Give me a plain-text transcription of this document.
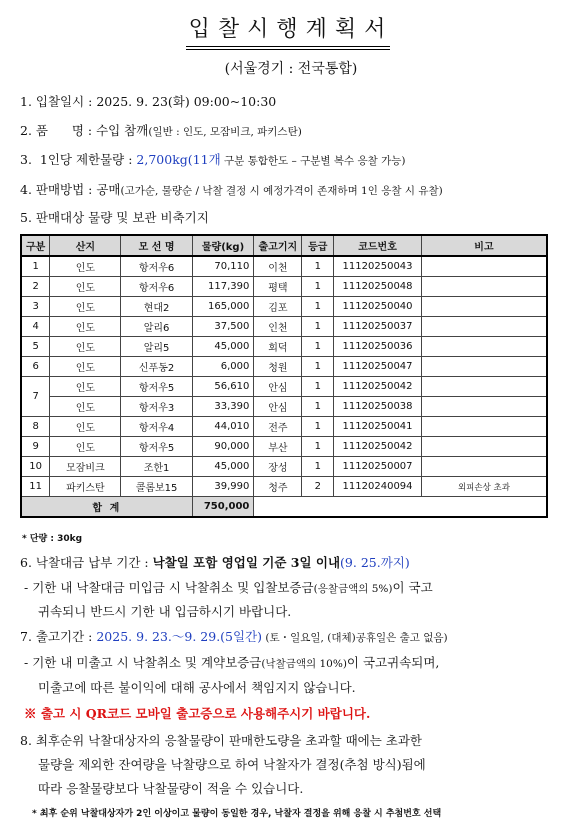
입찰시행계획서
(서울경기 : 전국통합)
1. 입찰일시 : 2025. 9. 23(화) 09:00~10:30
2. 품      명 : 수입 참깨(일반 : 인도, 모잠비크, 파키스탄)
3.  1인당 제한물량 : 2,700kg(11개 구분 통합한도 – 구분별 복수 응찰 가능)
4. 판매방법 : 공매(고가순, 물량순 / 낙찰 결정 시 예정가격이 존재하며 1인 응찰 시 유찰)
5. 판매대상 물량 및 보관 비축기지
구분	산지	모 선 명	물량(kg)	출고기지	등급	코드번호	비고
1	인도	항저우6	70,110	이천	1	11120250043	
2	인도	항저우6	117,390	평택	1	11120250048	
3	인도	현대2	165,000	김포	1	11120250040	
4	인도	알리6	37,500	인천	1	11120250037	
5	인도	알리5	45,000	회덕	1	11120250036	
6	인도	신푸동2	6,000	청원	1	11120250047	
7	인도	항저우5	56,610	안심	1	11120250042	
	인도	항저우3	33,390	안심	1	11120250038	
8	인도	항저우4	44,010	전주	1	11120250041	
9	인도	항저우5	90,000	부산	1	11120250042	
10	모잠비크	조한1	45,000	장성	1	11120250007	
11	파키스탄	콜롬보15	39,990	청주	2	11120240094	외피손상 초과
합 계			750,000				
* 단량 : 30kg
6. 낙찰대금 납부 기간 : 낙찰일 포함 영업일 기준 3일 이내(9. 25.까지)
- 기한 내 낙찰대금 미입금 시 낙찰취소 및 입찰보증금(응찰금액의 5%)이 국고
귀속되니 반드시 기한 내 입금하시기 바랍니다.
7. 출고기간 : 2025. 9. 23.～9. 29.(5일간) (토・일요일, (대체)공휴일은 출고 없음)
- 기한 내 미출고 시 낙찰취소 및 계약보증금(낙찰금액의 10%)이 국고귀속되며,
미출고에 따른 불이익에 대해 공사에서 책임지지 않습니다.
※ 출고 시 QR코드 모바일 출고증으로 사용해주시기 바랍니다.
8. 최후순위 낙찰대상자의 응찰물량이 판매한도량을 초과할 때에는 초과한
물량을 제외한 잔여량을 낙찰량으로 하여 낙찰자가 결정(추첨 방식)됨에
따라 응찰물량보다 낙찰물량이 적을 수 있습니다.
* 최후 순위 낙찰대상자가 2인 이상이고 물량이 동일한 경우, 낙찰자 결정을 위해 응찰 시 추첨번호 선택
